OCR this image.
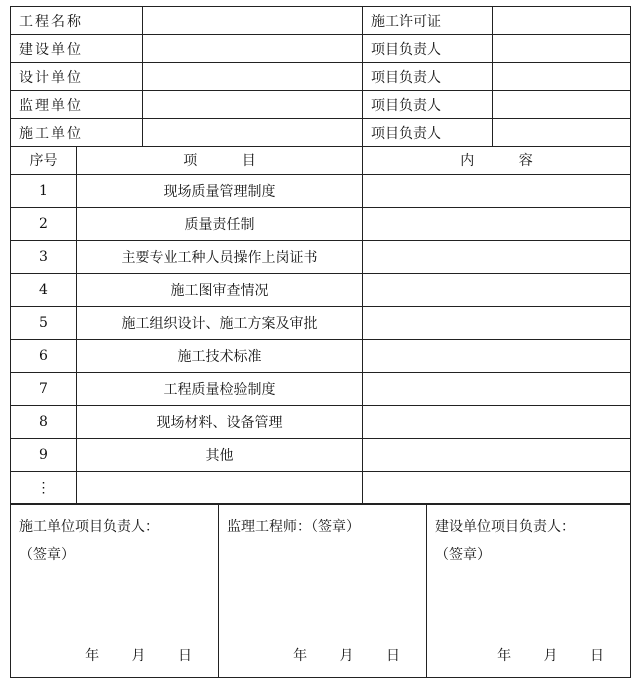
工程名称		施工许可证	
建设单位		项目负责人	
设计单位		项目负责人	
监理单位		项目负责人	
施工单位		项目负责人	
序号	项 目	内 容
1	现场质量管理制度	
2	质量责任制	
3	主要专业工种人员操作上岗证书	
4	施工图审查情况	
5	施工组织设计、施工方案及审批	
6	施工技术标准	
7	工程质量检验制度	
8	现场材料、设备管理	
9	其他	
⋮		
施工单位项目负责人：
（签章）
年 月 日

监理工程师：（签章）
年 月 日

建设单位项目负责人：
（签章）
年 月 日
